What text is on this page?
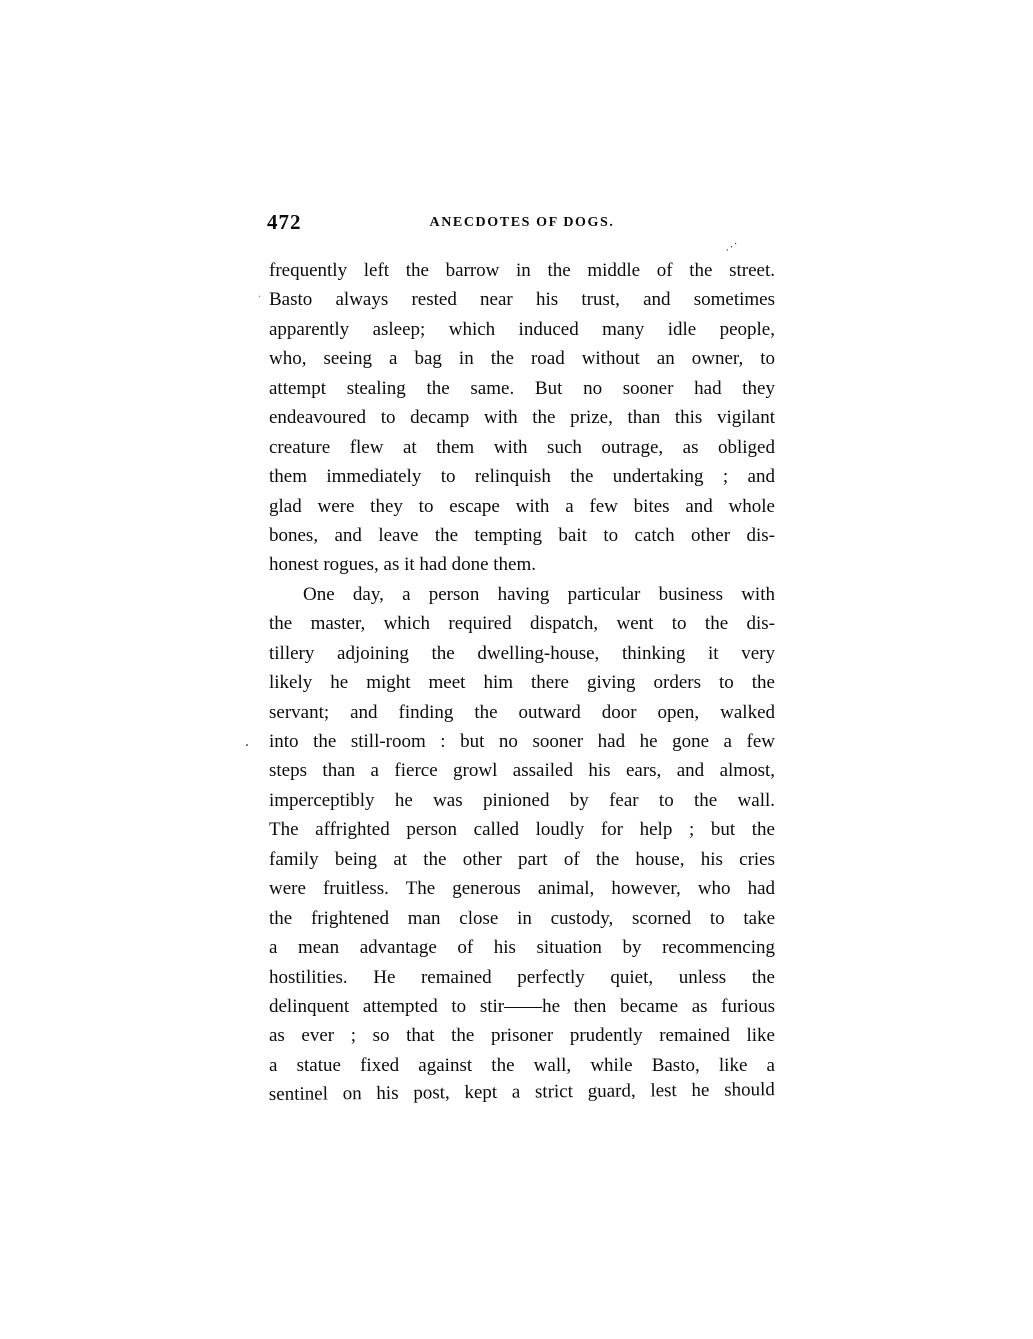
472	ANECDOTES OF DOGS.
frequently left the barrow in the middle of the street.
Basto always rested near his trust, and sometimes
apparently asleep; which induced many idle people,
who, seeing a bag in the road without an owner, to
attempt stealing the same. But no sooner had they
endeavoured to decamp with the prize, than this vigilant
creature flew at them with such outrage, as obliged
them immediately to relinquish the undertaking ; and
glad were they to escape with a few bites and whole
bones, and leave the tempting bait to catch other dis-
honest rogues, as it had done them.
One day, a person having particular business with
the master, which required dispatch, went to the dis-
tillery adjoining the dwelling-house, thinking it very
likely he might meet him there giving orders to the
servant; and finding the outward door open, walked
into the still-room : but no sooner had he gone a few
steps than a fierce growl assailed his ears, and almost,
imperceptibly he was pinioned by fear to the wall.
The affrighted person called loudly for help ; but the
family being at the other part of the house, his cries
were fruitless. The generous animal, however, who had
the frightened man close in custody, scorned to take
a mean advantage of his situation by recommencing
hostilities. He remained perfectly quiet, unless the
delinquent attempted to stir——he then became as furious
as ever ; so that the prisoner prudently remained like
a statue fixed against the wall, while Basto, like a
sentinel on his post, kept a strict guard, lest he should
⋰
.
.
